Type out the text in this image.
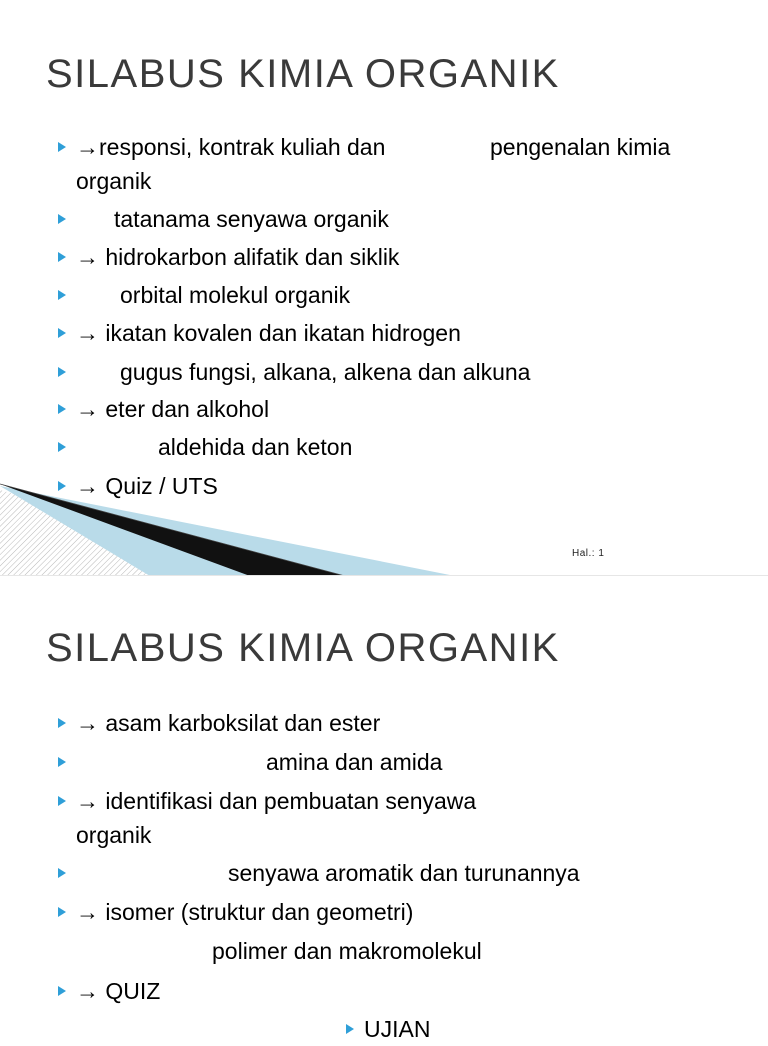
SILABUS KIMIA ORGANIK
→responsi, kontrak kuliah dan	pengenalan kimia
organik
tatanama senyawa organik
→ hidrokarbon alifatik dan siklik
orbital molekul organik
→ ikatan kovalen dan ikatan hidrogen
gugus fungsi, alkana, alkena dan alkuna
→ eter dan alkohol
aldehida dan keton
→ Quiz / UTS
Hal.: 1
SILABUS KIMIA ORGANIK
→ asam karboksilat dan ester
amina dan amida
→ identifikasi dan pembuatan senyawa
organik
senyawa aromatik dan turunannya
→ isomer (struktur dan geometri)
polimer dan makromolekul
→ QUIZ
UJIAN
